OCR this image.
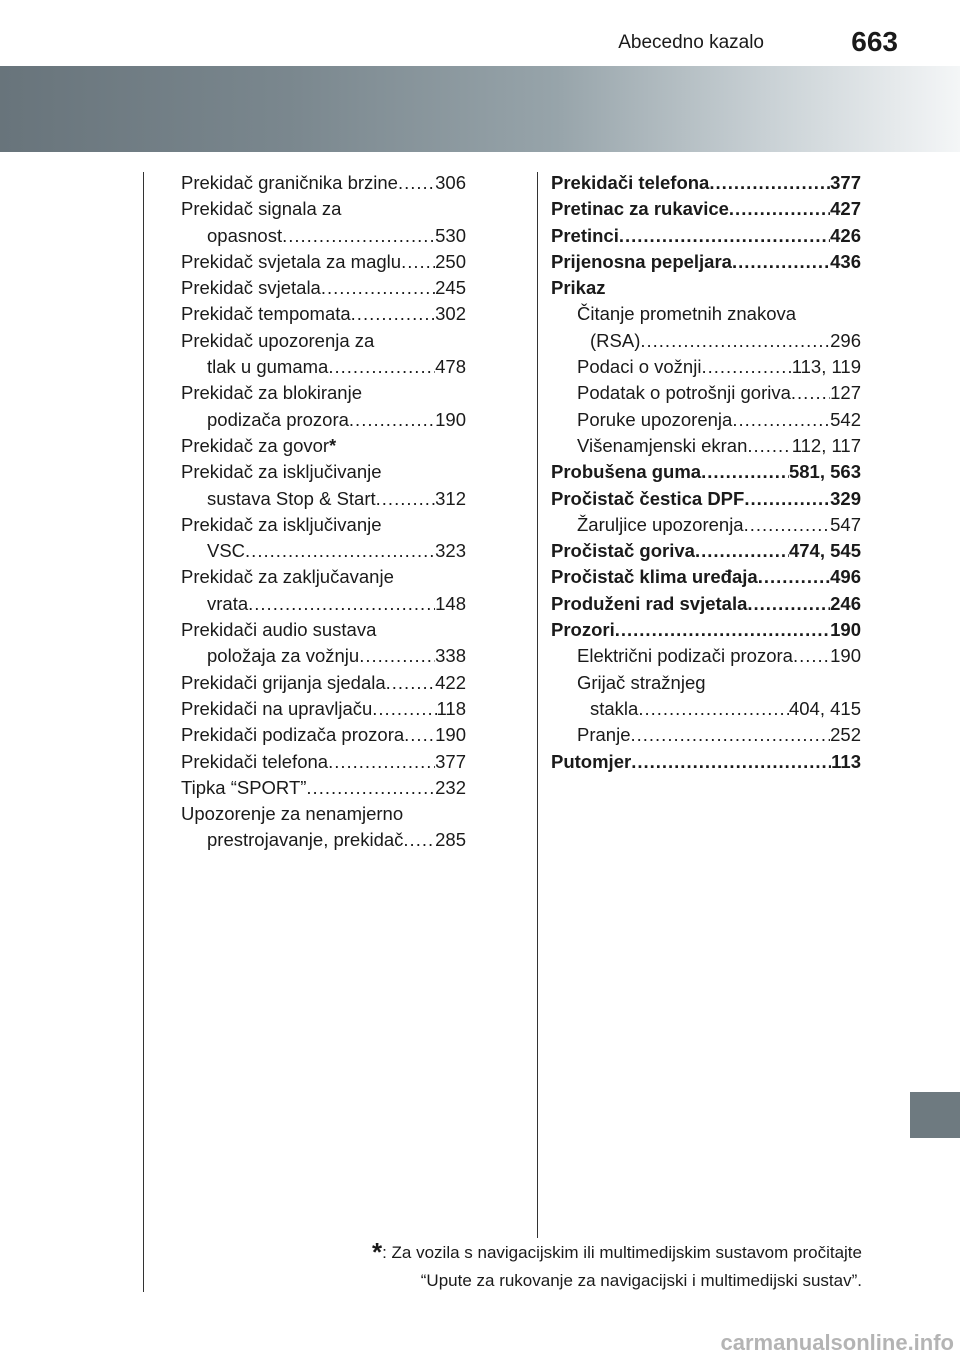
Abecedno kazalo	663
Prekidač graničnika brzine ..... 306
Prekidač signala za
opasnost .....	530
Prekidač svjetala za maglu ..... 250
Prekidač svjetala .....	245
Prekidač tempomata .....	302
Prekidač upozorenja za
tlak u gumama .....	478
Prekidač za blokiranje
podizača prozora .....	190
Prekidač za govor *
Prekidač za isključivanje
sustava Stop & Start .....	312
Prekidač za isključivanje
VSC .....	323
Prekidač za zaključavanje
vrata .....	148
Prekidači audio sustava
položaja za vožnju .....	338
Prekidači grijanja sjedala .....	422
Prekidači na upravljaču .....	118
Prekidači podizača prozora ..... 190
Prekidači telefona .....	377
Tipka “SPORT” .....	232
Upozorenje za nenamjerno
prestrojavanje, prekidač ..... 285
Prekidači telefona .....	377
Pretinac za rukavice .....	427
Pretinci .....	426
Prijenosna pepeljara .....	436
Prikaz
Čitanje prometnih znakova
(RSA) .....	296
Podaci o vožnji .....	113, 119
Podatak o potrošnji goriva ..... 127
Poruke upozorenja .....	542
Višenamjenski ekran ..... 112, 117
Probušena guma .....	581, 563
Pročistač čestica DPF .....	329
Žaruljice upozorenja .....	547
Pročistač goriva .....	474, 545
Pročistač klima uređaja .....	496
Produženi rad svjetala .....	246
Prozori .....	190
Električni podizači prozora ..... 190
Grijač stražnjeg
stakla .....	404, 415
Pranje .....	252
Putomjer .....	113
*: Za vozila s navigacijskim ili multimedijskim sustavom pročitajte
“Upute za rukovanje za navigacijski i multimedijski sustav”.
carmanualsonline.info
